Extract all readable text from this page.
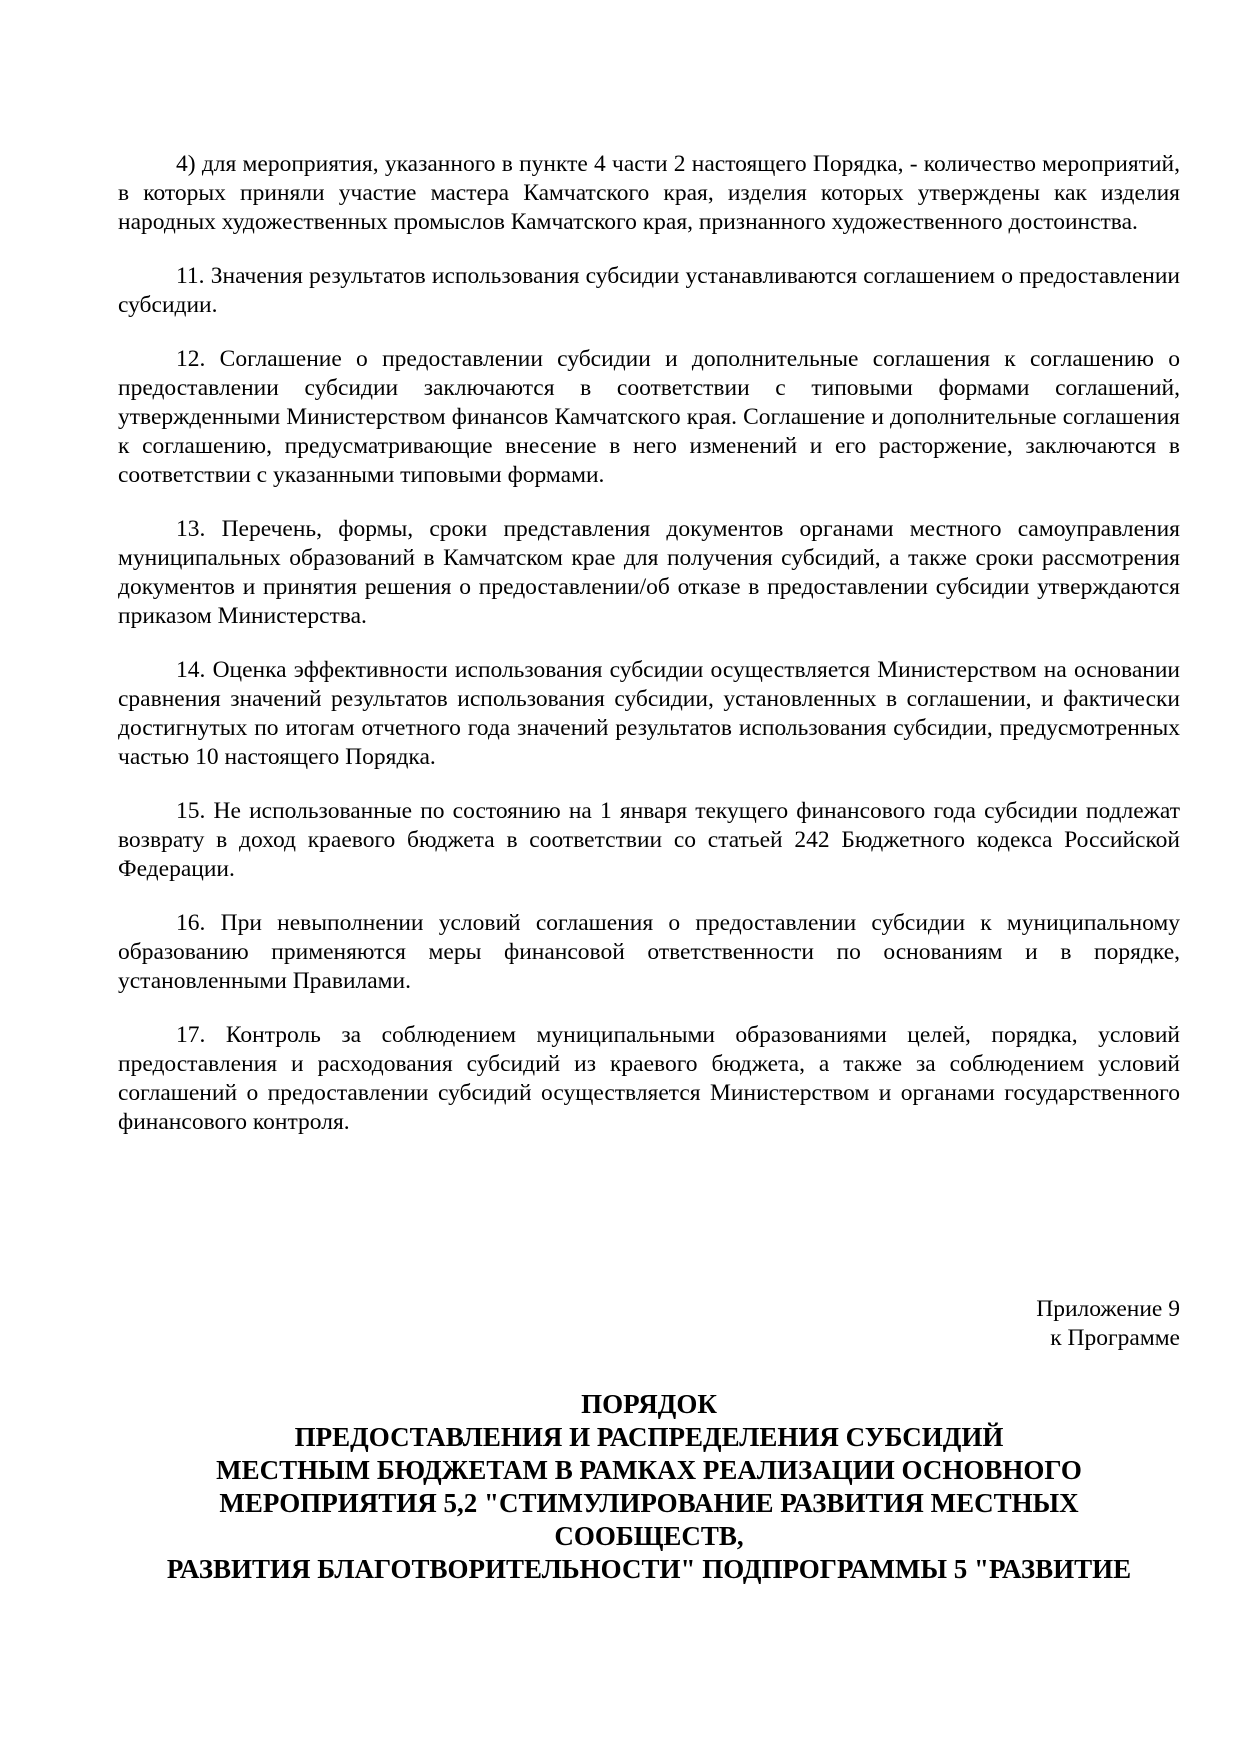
4) для мероприятия, указанного в пункте 4 части 2 настоящего Порядка, - количество мероприятий, в которых приняли участие мастера Камчатского края, изделия которых утверждены как изделия народных художественных промыслов Камчатского края, признанного художественного достоинства.

11. Значения результатов использования субсидии устанавливаются соглашением о предоставлении субсидии.

12. Соглашение о предоставлении субсидии и дополнительные соглашения к соглашению о предоставлении субсидии заключаются в соответствии с типовыми формами соглашений, утвержденными Министерством финансов Камчатского края. Соглашение и дополнительные соглашения к соглашению, предусматривающие внесение в него изменений и его расторжение, заключаются в соответствии с указанными типовыми формами.

13. Перечень, формы, сроки представления документов органами местного самоуправления муниципальных образований в Камчатском крае для получения субсидий, а также сроки рассмотрения документов и принятия решения о предоставлении/об отказе в предоставлении субсидии утверждаются приказом Министерства.

14. Оценка эффективности использования субсидии осуществляется Министерством на основании сравнения значений результатов использования субсидии, установленных в соглашении, и фактически достигнутых по итогам отчетного года значений результатов использования субсидии, предусмотренных частью 10 настоящего Порядка.

15. Не использованные по состоянию на 1 января текущего финансового года субсидии подлежат возврату в доход краевого бюджета в соответствии со статьей 242 Бюджетного кодекса Российской Федерации.

16. При невыполнении условий соглашения о предоставлении субсидии к муниципальному образованию применяются меры финансовой ответственности по основаниям и в порядке, установленными Правилами.

17. Контроль за соблюдением муниципальными образованиями целей, порядка, условий предоставления и расходования субсидий из краевого бюджета, а также за соблюдением условий соглашений о предоставлении субсидий осуществляется Министерством и органами государственного финансового контроля.

Приложение 9
к Программе
ПОРЯДОК
ПРЕДОСТАВЛЕНИЯ И РАСПРЕДЕЛЕНИЯ СУБСИДИЙ
МЕСТНЫМ БЮДЖЕТАМ В РАМКАХ РЕАЛИЗАЦИИ ОСНОВНОГО
МЕРОПРИЯТИЯ 5,2 "СТИМУЛИРОВАНИЕ РАЗВИТИЯ МЕСТНЫХ
СООБЩЕСТВ,
РАЗВИТИЯ БЛАГОТВОРИТЕЛЬНОСТИ" ПОДПРОГРАММЫ 5 "РАЗВИТИЕ
